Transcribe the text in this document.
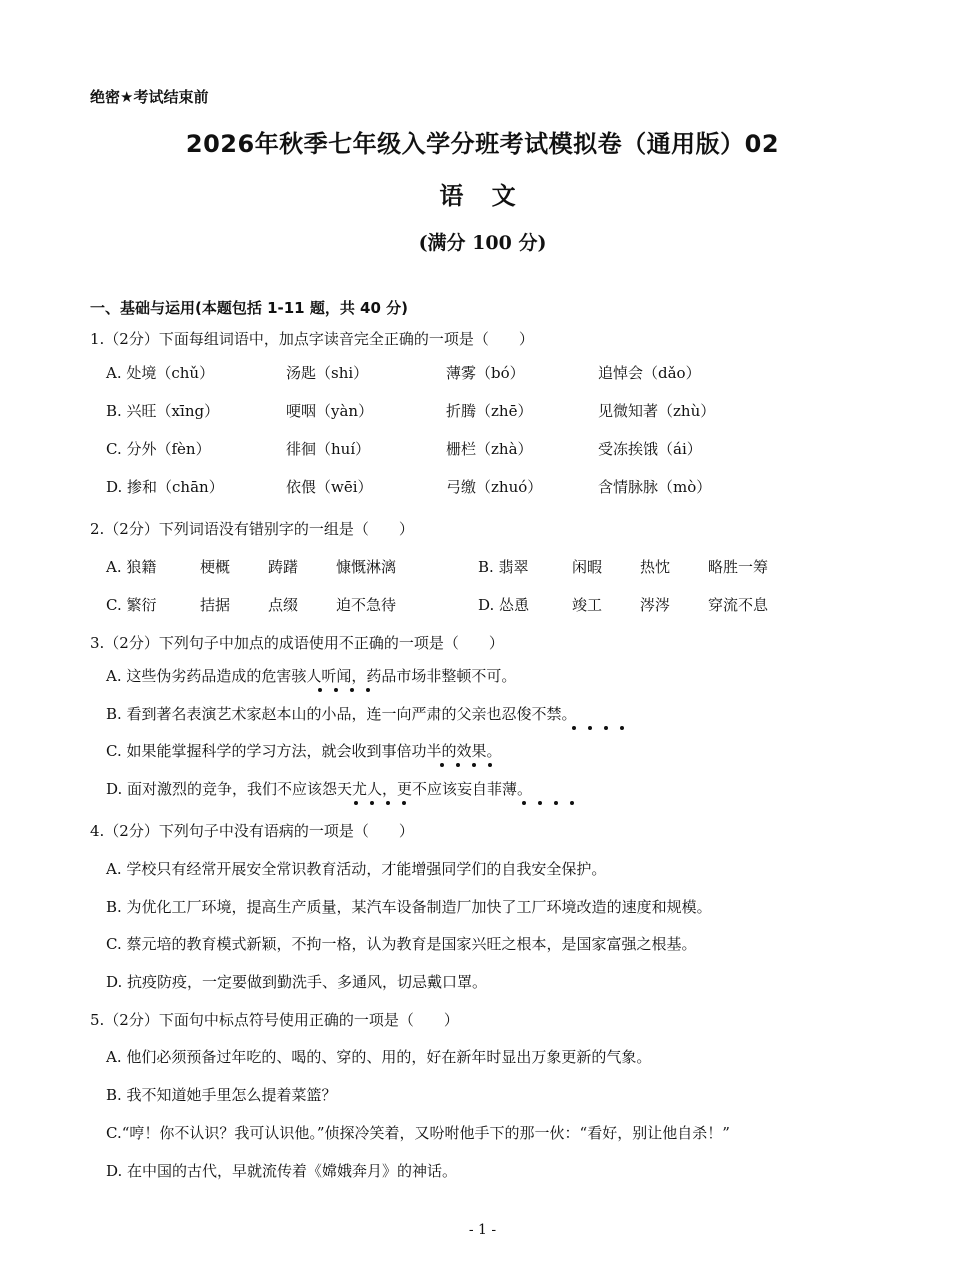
绝密★考试结束前
2026年秋季七年级入学分班考试模拟卷（通用版）02
语 文
(满分 100 分)
一、基础与运用(本题包括 1-11 题，共 40 分)
1.（2分）下面每组词语中，加点字读音完全正确的一项是（　　）
A. 处境（chǔ）	汤匙（shi）	薄雾（bó）	追悼会（dǎo）
B. 兴旺（xīng）	哽咽（yàn）	折腾（zhē）	见微知著（zhù）
C. 分外（fèn）	徘徊（huí）	栅栏（zhà）	受冻挨饿（ái）
D. 掺和（chān）	依偎（wēi）	弓缴（zhuó）	含情脉脉（mò）
2.（2分）下列词语没有错别字的一组是（　　）
A. 狼籍	梗概	踌躇	慷慨淋漓	B. 翡翠	闲暇	热忱	略胜一筹
C. 繁衍	拮据	点缀	迫不急待	D. 怂恿	竣工	涔涔	穿流不息
3.（2分）下列句子中加点的成语使用不正确的一项是（　　）
A. 这些伪劣药品造成的危害骇人听闻，药品市场非整顿不可。
B. 看到著名表演艺术家赵本山的小品，连一向严肃的父亲也忍俊不禁。
C. 如果能掌握科学的学习方法，就会收到事倍功半的效果。
D. 面对激烈的竞争，我们不应该怨天尤人，更不应该妄自菲薄。
4.（2分）下列句子中没有语病的一项是（　　）
A. 学校只有经常开展安全常识教育活动，才能增强同学们的自我安全保护。
B. 为优化工厂环境，提高生产质量，某汽车设备制造厂加快了工厂环境改造的速度和规模。
C. 蔡元培的教育模式新颖，不拘一格，认为教育是国家兴旺之根本，是国家富强之根基。
D. 抗疫防疫，一定要做到勤洗手、多通风，切忌戴口罩。
5.（2分）下面句中标点符号使用正确的一项是（　　）
A. 他们必须预备过年吃的、喝的、穿的、用的，好在新年时显出万象更新的气象。
B. 我不知道她手里怎么提着菜篮？
C.“哼！你不认识？我可认识他。”侦探冷笑着，又吩咐他手下的那一伙：“看好，别让他自杀！”
D. 在中国的古代，早就流传着《嫦娥奔月》的神话。
- 1 -
